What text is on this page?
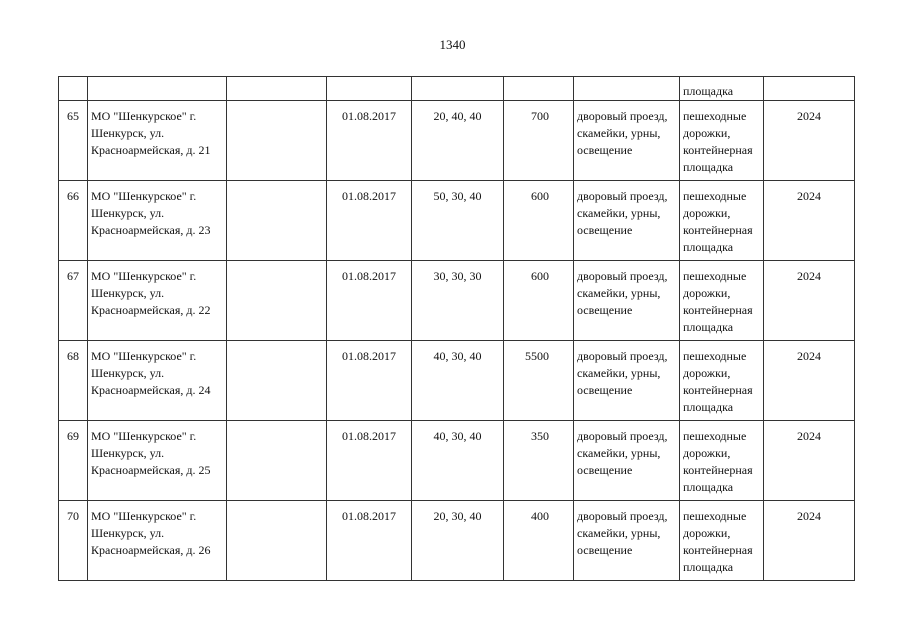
1340
							площадка	
65	МО "Шенкурское" г. Шенкурск, ул. Красноармейская, д. 21		01.08.2017	20, 40, 40	700	дворовый проезд, скамейки, урны, освещение	пешеходные дорожки, контейнерная площадка	2024
66	МО "Шенкурское" г. Шенкурск, ул. Красноармейская, д. 23		01.08.2017	50, 30, 40	600	дворовый проезд, скамейки, урны, освещение	пешеходные дорожки, контейнерная площадка	2024
67	МО "Шенкурское" г. Шенкурск, ул. Красноармейская, д. 22		01.08.2017	30, 30, 30	600	дворовый проезд, скамейки, урны, освещение	пешеходные дорожки, контейнерная площадка	2024
68	МО "Шенкурское" г. Шенкурск, ул. Красноармейская, д. 24		01.08.2017	40, 30, 40	5500	дворовый проезд, скамейки, урны, освещение	пешеходные дорожки, контейнерная площадка	2024
69	МО "Шенкурское" г. Шенкурск, ул. Красноармейская, д. 25		01.08.2017	40, 30, 40	350	дворовый проезд, скамейки, урны, освещение	пешеходные дорожки, контейнерная площадка	2024
70	МО "Шенкурское" г. Шенкурск, ул. Красноармейская, д. 26		01.08.2017	20, 30, 40	400	дворовый проезд, скамейки, урны, освещение	пешеходные дорожки, контейнерная площадка	2024
